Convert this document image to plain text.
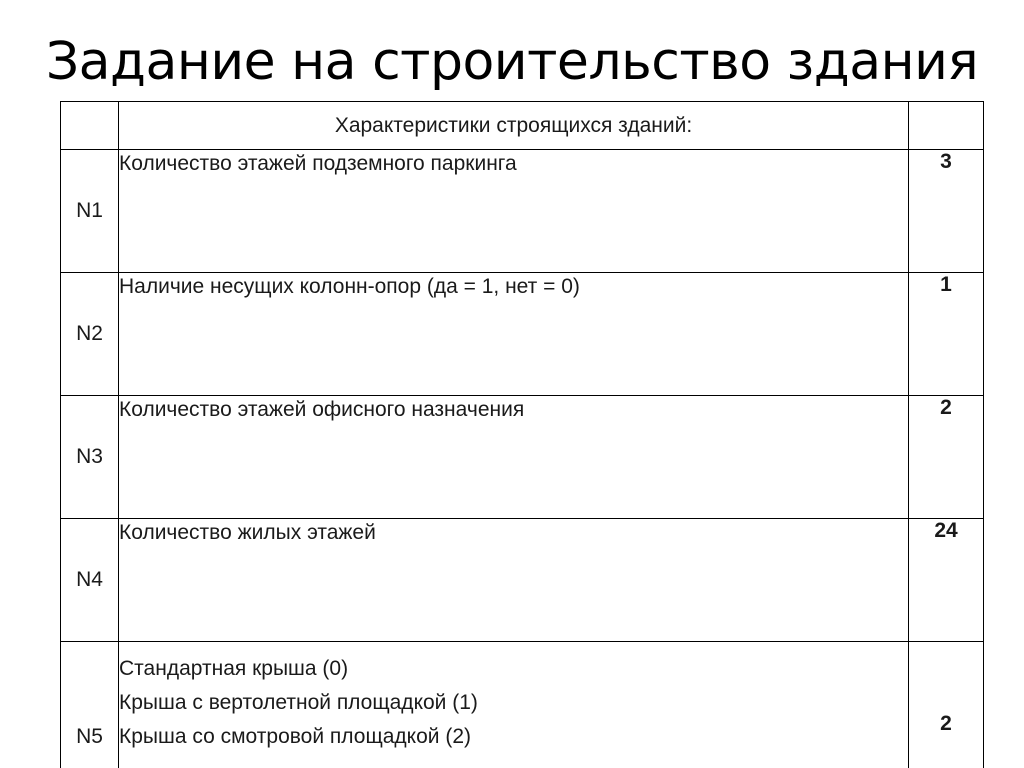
Задание на строительство здания
	Характеристики строящихся зданий:	
N1	Количество этажей подземного паркинга	3
N2	Наличие несущих колонн-опор (да = 1, нет = 0)	1
N3	Количество этажей офисного назначения	2
N4	Количество жилых этажей	24
N5	Стандартная крыша (0)
Крыша с вертолетной площадкой (1)
Крыша со смотровой площадкой (2)	2
